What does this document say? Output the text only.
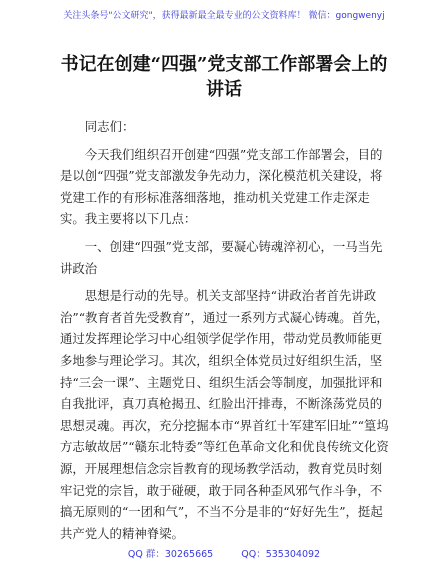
关注头条号"公文研究"，获得最新最全最专业的公文资料库！ 微信：gongwenyj
书记在创建“四强”党支部工作部署会上的讲话

同志们：

今天我们组织召开创建“四强”党支部工作部署会，目的是以创“四强”党支部激发争先动力，深化模范机关建设，将党建工作的有形标准落细落地，推动机关党建工作走深走实。我主要将以下几点：

一、创建“四强”党支部，要凝心铸魂淬初心，一马当先讲政治

思想是行动的先导。机关支部坚持“讲政治者首先讲政治”“教育者首先受教育”，通过一系列方式凝心铸魂。首先，通过发挥理论学习中心组领学促学作用，带动党员教师能更多地参与理论学习。其次，组织全体党员过好组织生活，坚持“三会一课”、主题党日、组织生活会等制度，加强批评和自我批评，真刀真枪揭丑、红脸出汗排毒，不断涤荡党员的思想灵魂。再次，充分挖掘本市“界首红十军建军旧址”“篁坞方志敏故居”“赣东北特委”等红色革命文化和优良传统文化资源，开展理想信念宗旨教育的现场教学活动，教育党员时刻牢记党的宗旨，敢于碰硬，敢于同各种歪风邪气作斗争，不搞无原则的“一团和气”，不当不分是非的“好好先生”，挺起共产党人的精神脊梁。

QQ 群：30265665	QQ：535304092
